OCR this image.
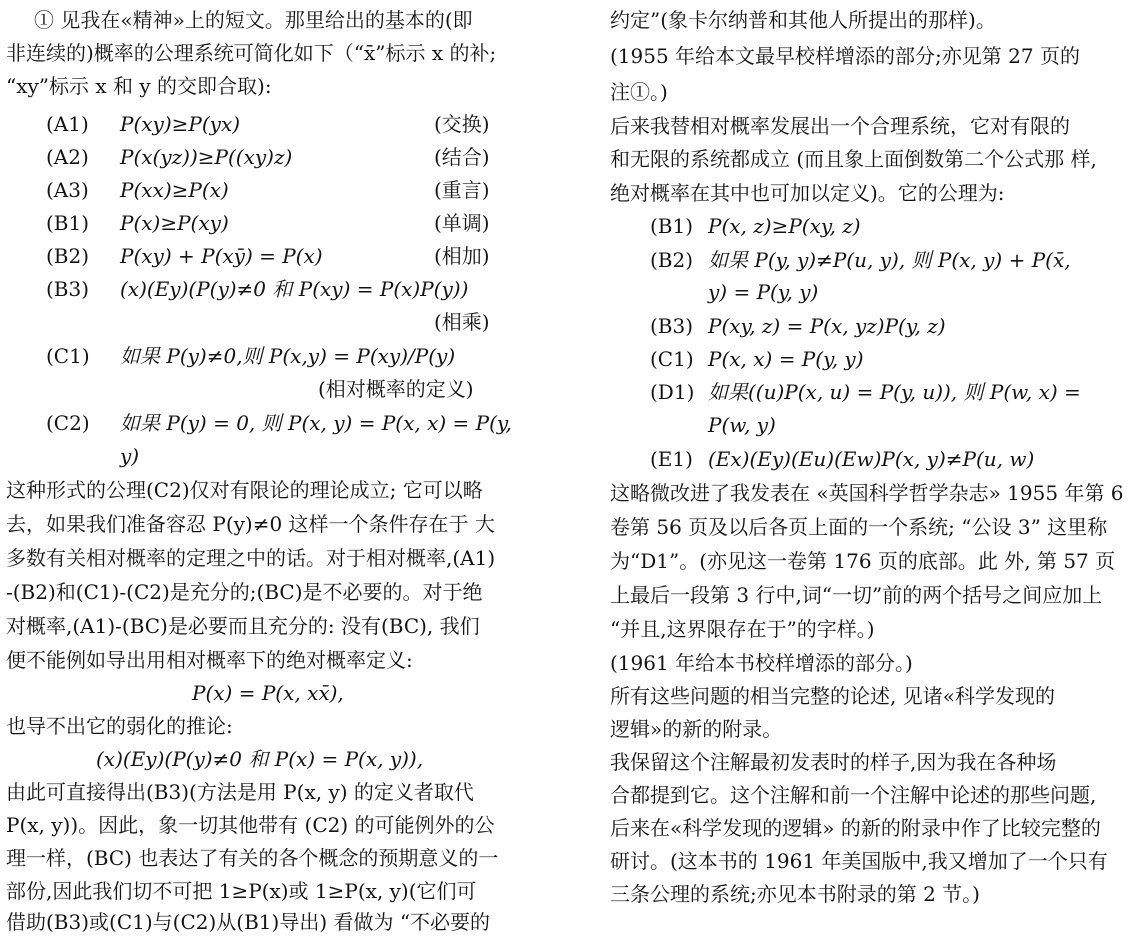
① 见我在«精神»上的短文。那里给出的基本的(即
非连续的)概率的公理系统可简化如下（“x̄”标示 x 的补;
“xy”标示 x 和 y 的交即合取):
(A1) P(xy)≥P(yx)	(交换)
(A2) P(x(yz))≥P((xy)z)	(结合)
(A3) P(xx)≥P(x)	(重言)
(B1) P(x)≥P(xy)	(单调)
(B2) P(xy) + P(xȳ) = P(x)	(相加)
(B3) (x)(Ey)(P(y)≠0 和 P(xy) = P(x)P(y))
(相乘)
(C1) 如果 P(y)≠0,则 P(x,y) = P(xy)/P(y)
(相对概率的定义)
(C2) 如果 P(y) = 0, 则 P(x, y) = P(x, x) = P(y,
y)
这种形式的公理(C2)仅对有限论的理论成立; 它可以略
去，如果我们准备容忍 P(y)≠0 这样一个条件存在于 大
多数有关相对概率的定理之中的话。对于相对概率,(A1)
-(B2)和(C1)-(C2)是充分的;(BC)是不必要的。对于绝
对概率,(A1)-(BC)是必要而且充分的: 没有(BC), 我们
便不能例如导出用相对概率下的绝对概率定义:
P(x) = P(x, xx̄),
也导不出它的弱化的推论:
(x)(Ey)(P(y)≠0 和 P(x) = P(x, y)),
由此可直接得出(B3)(方法是用 P(x, y) 的定义者取代
P(x, y))。因此，象一切其他带有 (C2) 的可能例外的公
理一样，(BC) 也表达了有关的各个概念的预期意义的一
部份,因此我们切不可把 1≥P(x)或 1≥P(x, y)(它们可
借助(B3)或(C1)与(C2)从(B1)导出) 看做为 “不必要的
约定”(象卡尔纳普和其他人所提出的那样)。
(1955 年给本文最早校样增添的部分;亦见第 27 页的
注①。)
后来我替相对概率发展出一个合理系统，它对有限的
和无限的系统都成立 (而且象上面倒数第二个公式那 样,
绝对概率在其中也可加以定义)。它的公理为:
(B1) P(x, z)≥P(xy, z)
(B2) 如果 P(y, y)≠P(u, y), 则 P(x, y) + P(x̄,
y) = P(y, y)
(B3) P(xy, z) = P(x, yz)P(y, z)
(C1) P(x, x) = P(y, y)
(D1) 如果((u)P(x, u) = P(y, u)), 则 P(w, x) =
P(w, y)
(E1) (Ex)(Ey)(Eu)(Ew)P(x, y)≠P(u, w)
这略微改进了我发表在 «英国科学哲学杂志» 1955 年第 6
卷第 56 页及以后各页上面的一个系统; “公设 3” 这里称
为“D1”。(亦见这一卷第 176 页的底部。此 外, 第 57 页
上最后一段第 3 行中,词“一切”前的两个括号之间应加上
“并且,这界限存在于”的字样。)
(1961 年给本书校样增添的部分。)
所有这些问题的相当完整的论述, 见诸«科学发现的
逻辑»的新的附录。
我保留这个注解最初发表时的样子,因为我在各种场
合都提到它。这个注解和前一个注解中论述的那些问题,
后来在«科学发现的逻辑» 的新的附录中作了比较完整的
研讨。(这本书的 1961 年美国版中,我又增加了一个只有
三条公理的系统;亦见本书附录的第 2 节。)
